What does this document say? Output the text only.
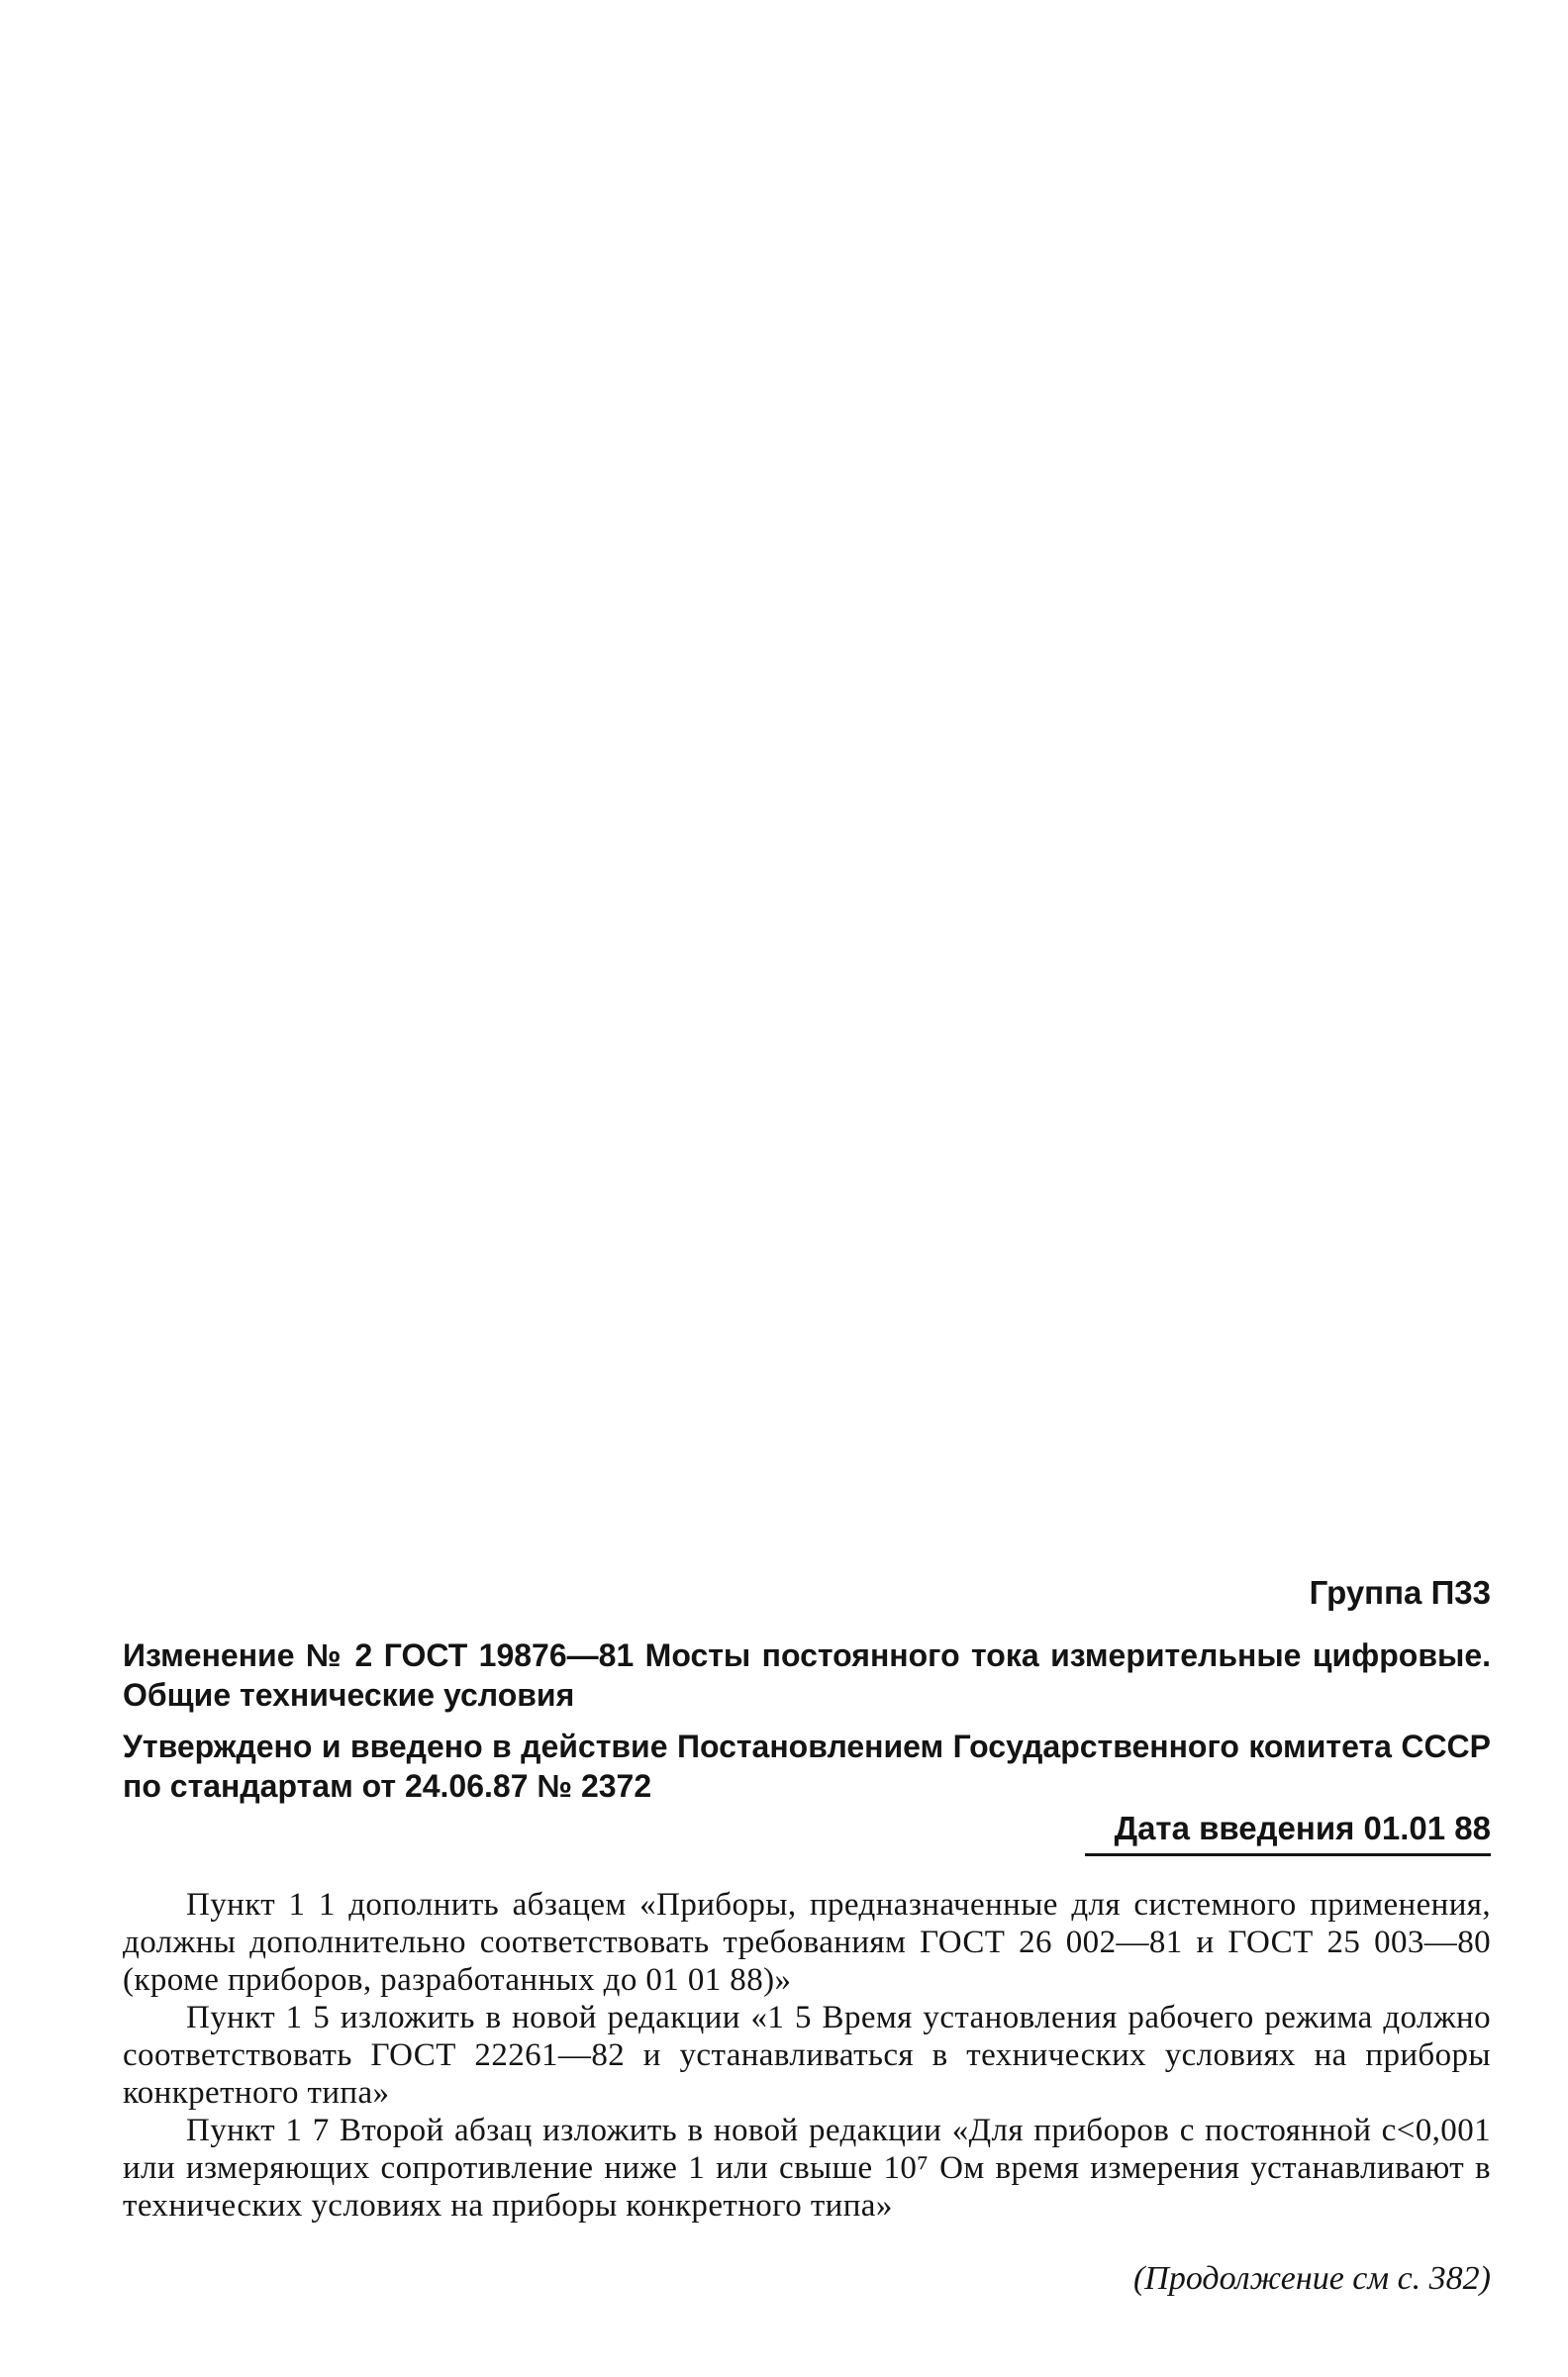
Группа П33

Изменение № 2 ГОСТ 19876—81 Мосты постоянного тока измерительные цифровые. Общие технические условия

Утверждено и введено в действие Постановлением Государственного комитета СССР по стандартам от 24.06.87 № 2372

Дата введения 01.01 88

Пункт 1 1 дополнить абзацем «Приборы, предназначенные для системного применения, должны дополнительно соответствовать требованиям ГОСТ 26 002—81 и ГОСТ 25 003—80 (кроме приборов, разработанных до 01 01 88)»

Пункт 1 5 изложить в новой редакции «1 5 Время установления рабочего режима должно соответствовать ГОСТ 22261—82 и устанавливаться в технических условиях на приборы конкретного типа»

Пункт 1 7 Второй абзац изложить в новой редакции «Для приборов с постоянной c<0,001 или измеряющих сопротивление ниже 1 или свыше 10⁷ Ом время измерения устанавливают в технических условиях на приборы конкретного типа»

(Продолжение см с. 382)
